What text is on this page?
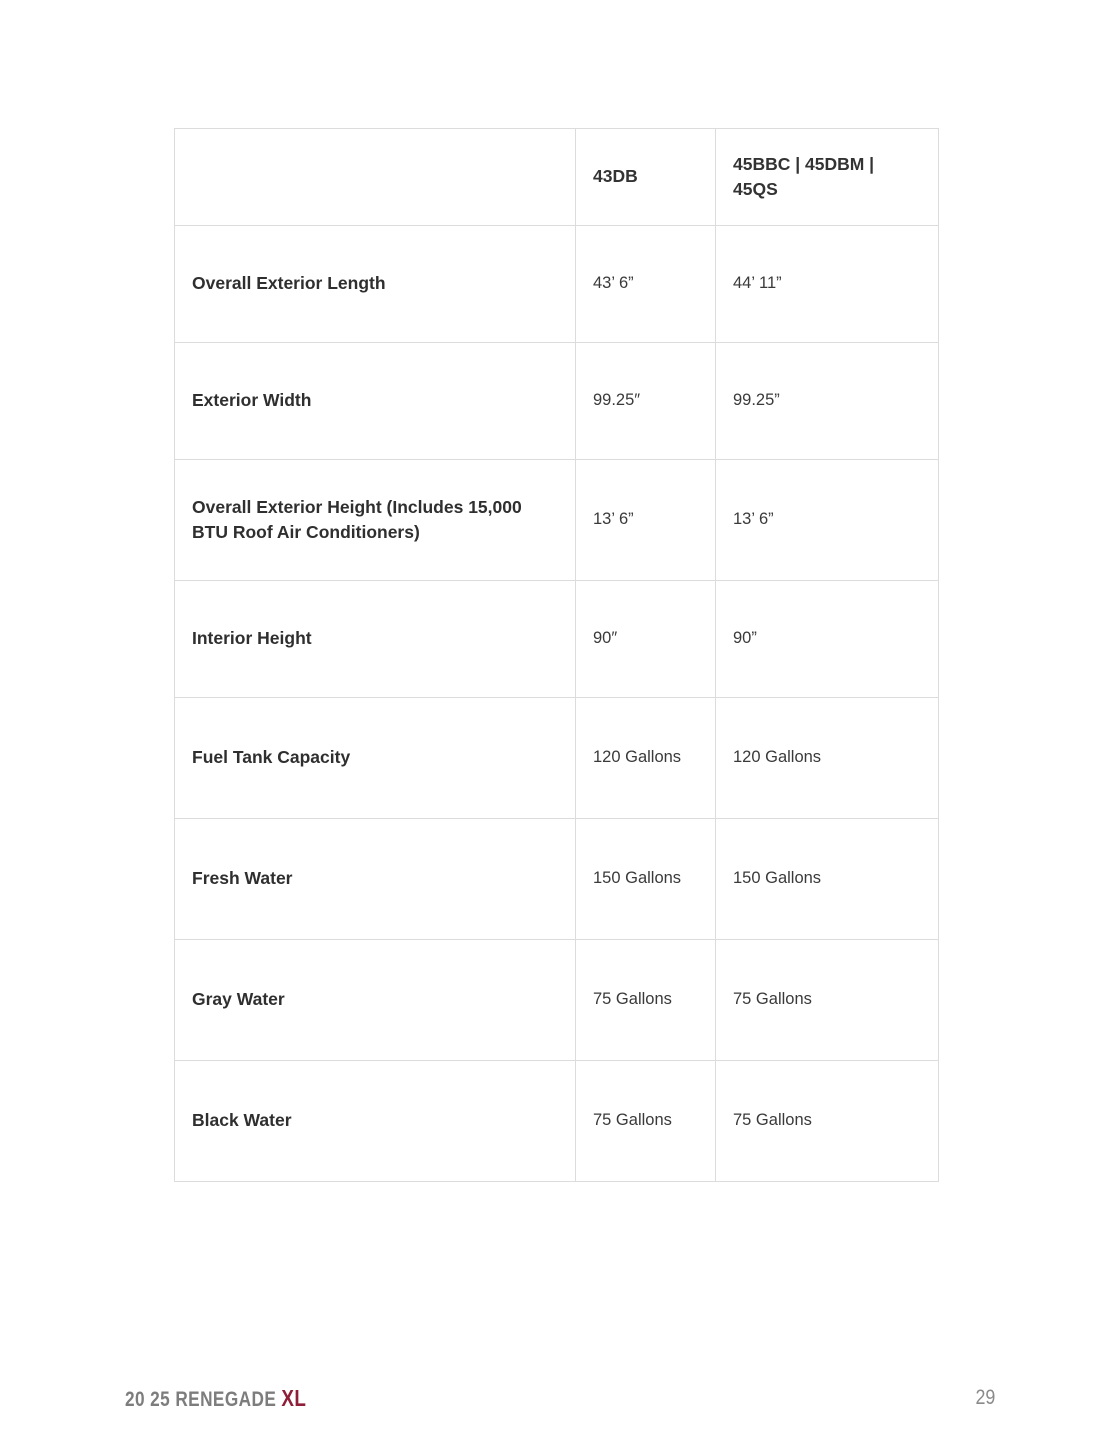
	43DB	45BBC | 45DBM | 45QS
Overall Exterior Length	43’ 6”	44’ 11”
Exterior Width	99.25″	99.25”
Overall Exterior Height (Includes 15,000 BTU Roof Air Conditioners)	13’ 6”	13’ 6”
Interior Height	90″	90”
Fuel Tank Capacity	120 Gallons	120 Gallons
Fresh Water	150 Gallons	150 Gallons
Gray Water	75 Gallons	75 Gallons
Black Water	75 Gallons	75 Gallons
20 25 RENEGADE XL	29
